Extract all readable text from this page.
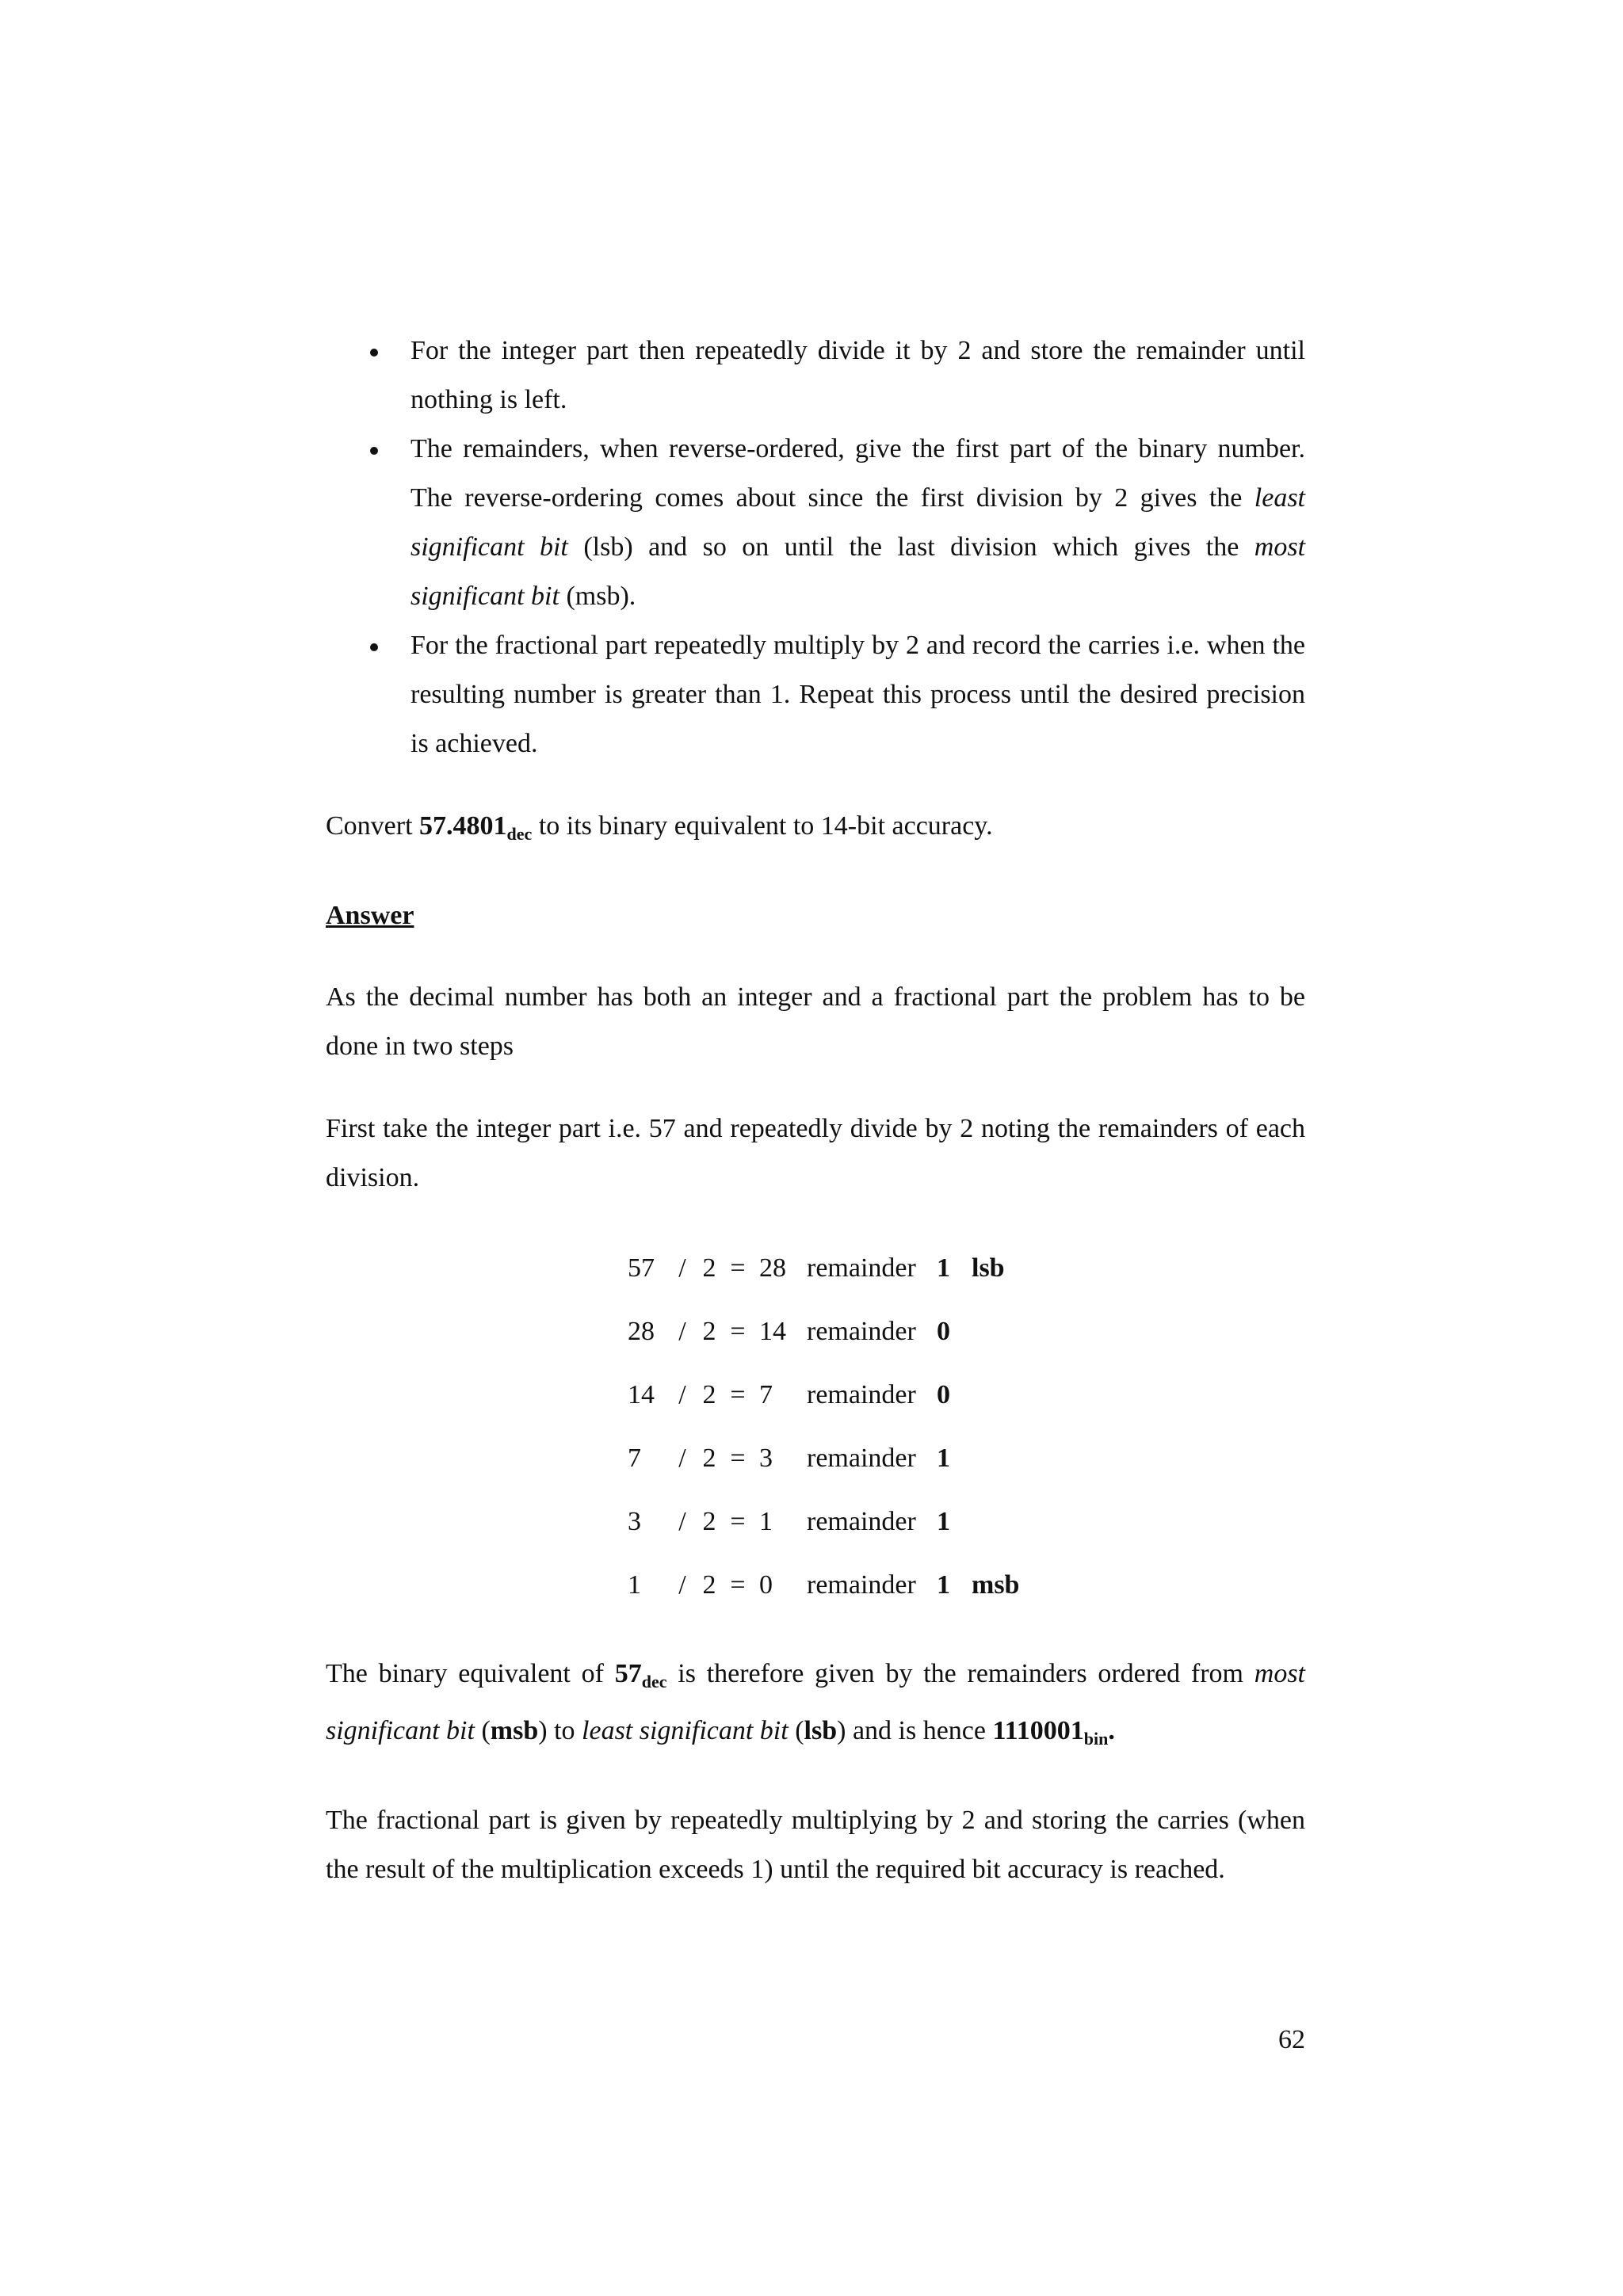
For the integer part then repeatedly divide it by 2 and store the remainder until nothing is left.
The remainders, when reverse-ordered, give the first part of the binary number. The reverse-ordering comes about since the first division by 2 gives the least significant bit (lsb) and so on until the last division which gives the most significant bit (msb).
For the fractional part repeatedly multiply by 2 and record the carries i.e. when the resulting number is greater than 1. Repeat this process until the desired precision is achieved.

Convert $57.4801_{dec}$ to its binary equivalent to 14-bit accuracy.

Answer

As the decimal number has both an integer and a fractional part the problem has to be done in two steps

First take the integer part i.e. 57 and repeatedly divide by 2 noting the remainders of each division.

57	/	2	=	28	remainder	1	lsb
28	/	2	=	14	remainder	0	
14	/	2	=	7	remainder	0	
7	/	2	=	3	remainder	1	
3	/	2	=	1	remainder	1	
1	/	2	=	0	remainder	1	msb

The binary equivalent of $57_{dec}$ is therefore given by the remainders ordered from most significant bit (msb) to least significant bit (lsb) and is hence $1110001_{bin}$.

The fractional part is given by repeatedly multiplying by 2 and storing the carries (when the result of the multiplication exceeds 1) until the required bit accuracy is reached.

62
